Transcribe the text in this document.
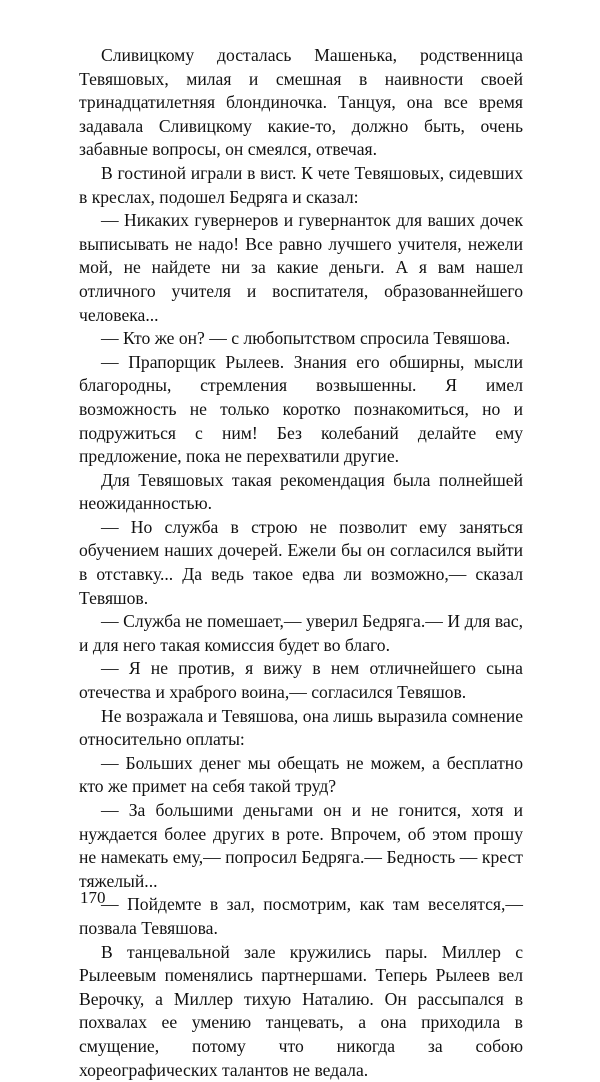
Сливицкому досталась Машенька, родственница Тевяшовых, милая и смешная в наивности своей тринадцатилетняя блондиночка. Танцуя, она все время задавала Сливицкому какие-то, должно быть, очень забавные вопросы, он смеялся, отвечая.

В гостиной играли в вист. К чете Тевяшовых, сидевших в креслах, подошел Бедряга и сказал:

— Никаких гувернеров и гувернанток для ваших дочек выписывать не надо! Все равно лучшего учителя, нежели мой, не найдете ни за какие деньги. А я вам нашел отличного учителя и воспитателя, образованнейшего человека...

— Кто же он? — с любопытством спросила Тевяшова.

— Прапорщик Рылеев. Знания его обширны, мысли благородны, стремления возвышенны. Я имел возможность не только коротко познакомиться, но и подружиться с ним! Без колебаний делайте ему предложение, пока не перехватили другие.

Для Тевяшовых такая рекомендация была полнейшей неожиданностью.

— Но служба в строю не позволит ему заняться обучением наших дочерей. Ежели бы он согласился выйти в отставку... Да ведь такое едва ли возможно,— сказал Тевяшов.

— Служба не помешает,— уверил Бедряга.— И для вас, и для него такая комиссия будет во благо.

— Я не против, я вижу в нем отличнейшего сына отечества и храброго воина,— согласился Тевяшов.

Не возражала и Тевяшова, она лишь выразила сомнение относительно оплаты:

— Больших денег мы обещать не можем, а бесплатно кто же примет на себя такой труд?

— За большими деньгами он и не гонится, хотя и нуждается более других в роте. Впрочем, об этом прошу не намекать ему,— попросил Бедряга.— Бедность — крест тяжелый...

— Пойдемте в зал, посмотрим, как там веселятся,— позвала Тевяшова.

В танцевальной зале кружились пары. Миллер с Рылеевым поменялись партнершами. Теперь Рылеев вел Верочку, а Миллер тихую Наталию. Он рассыпался в похвалах ее умению танцевать, а она приходила в смущение, потому что никогда за собою хореографических талантов не ведала.

170
